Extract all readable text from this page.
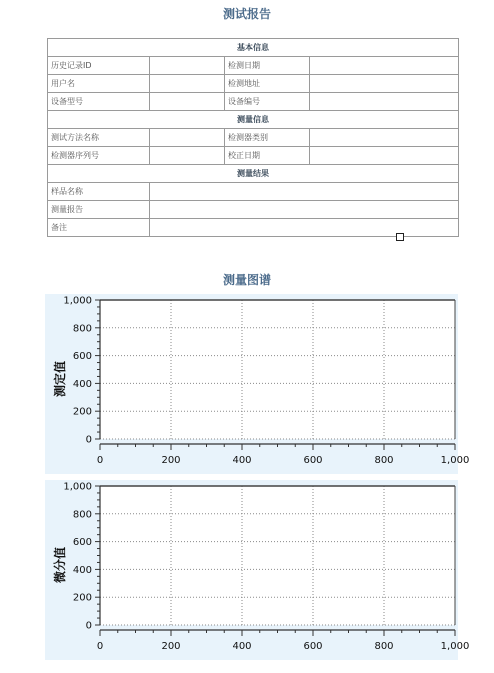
测试报告
基本信息			
历史记录ID		检测日期	
用户名		检测地址	
设备型号		设备编号	
测量信息			
测试方法名称		检测器类别	
检测器序列号		校正日期	
测量结果			
样品名称			
测量报告			
备注			
测量图谱
测定值
0	200	400	600	800	1,000
0
200
400
600
800
1,000
微分值
0	200	400	600	800	1,000
0
200
400
600
800
1,000
